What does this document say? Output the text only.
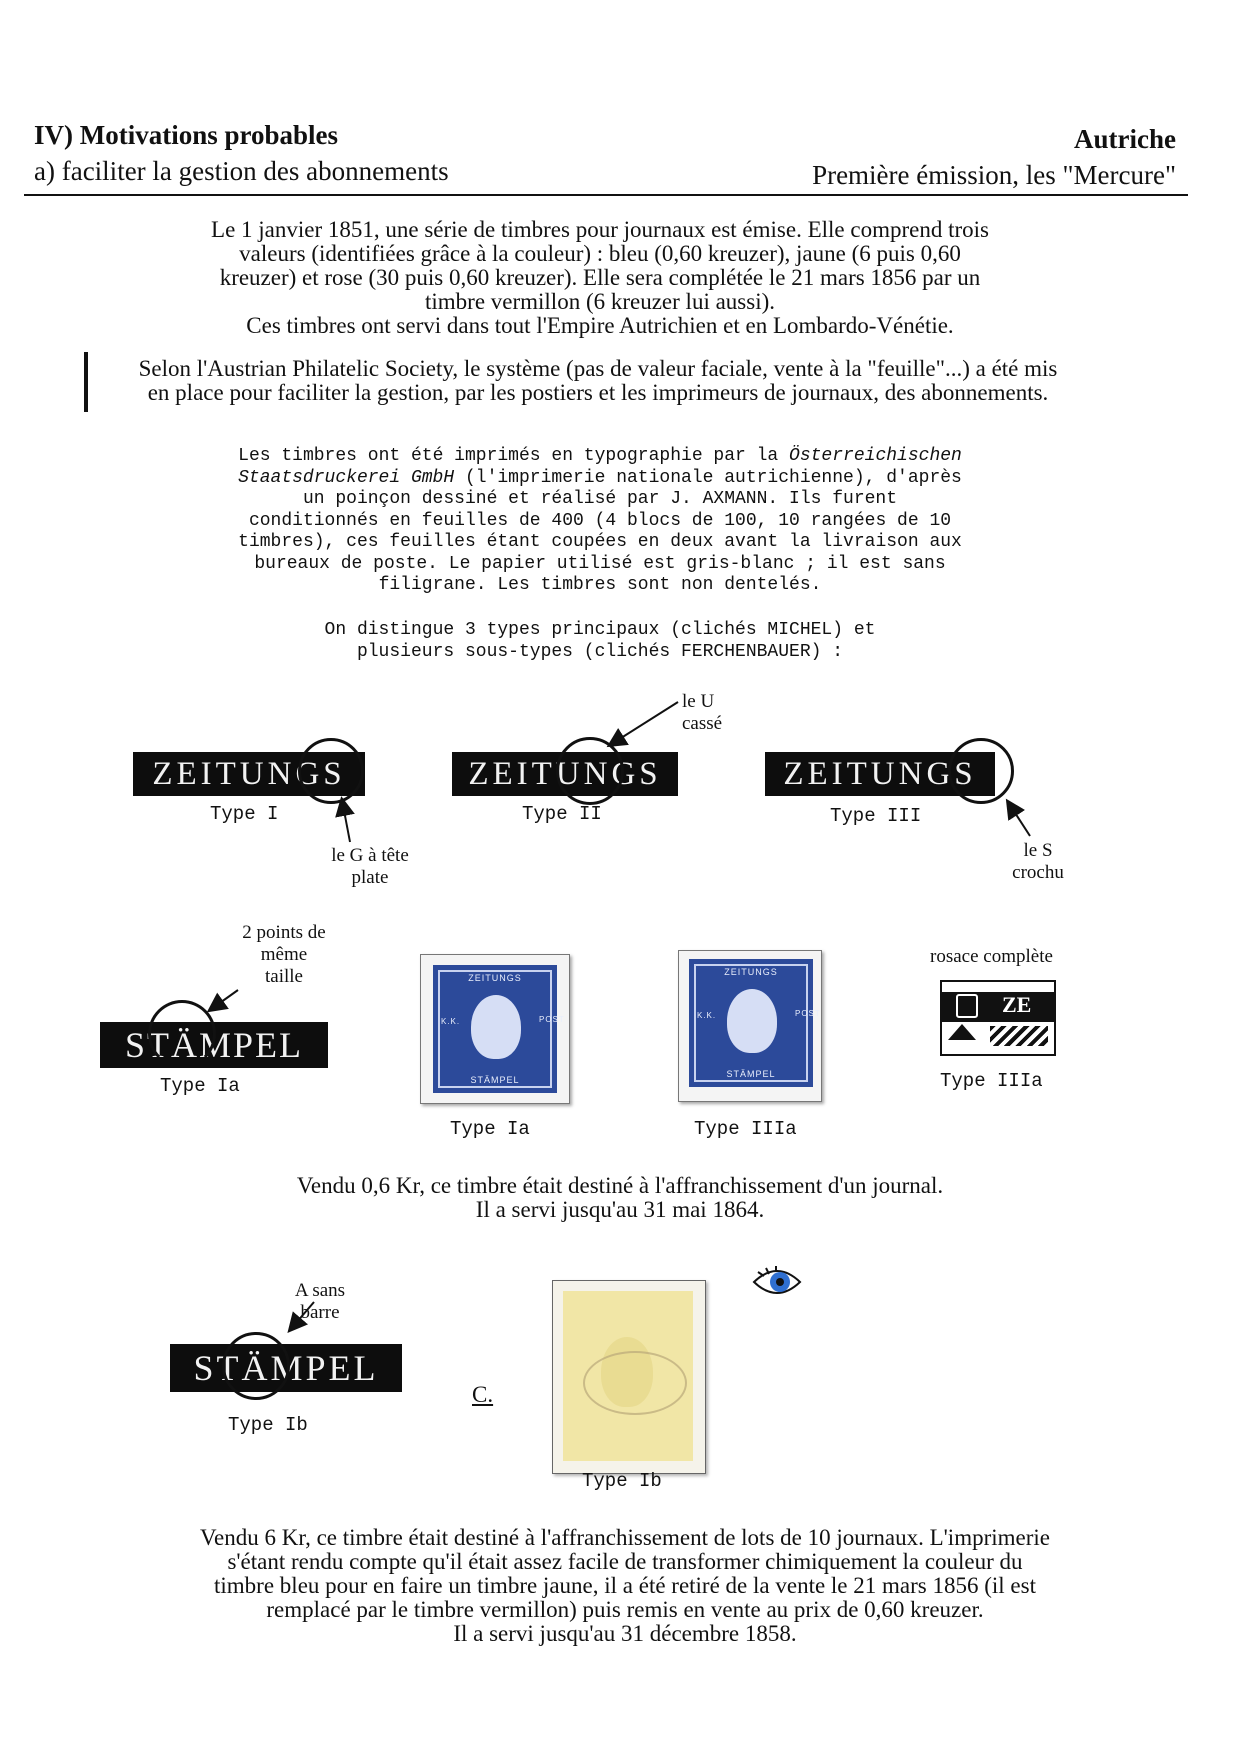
IV) Motivations probables
a) faciliter la gestion des abonnements
Autriche
Première émission, les "Mercure"
Le 1 janvier 1851, une série de timbres pour journaux est émise. Elle comprend trois
valeurs (identifiées grâce à la couleur) : bleu (0,60 kreuzer), jaune (6 puis 0,60
kreuzer) et rose (30 puis 0,60 kreuzer). Elle sera complétée le 21 mars 1856 par un
timbre vermillon (6 kreuzer lui aussi).
Ces timbres ont servi dans tout l'Empire Autrichien et en Lombardo-Vénétie.
Selon l'Austrian Philatelic Society, le système (pas de valeur faciale, vente à la "feuille"...) a été mis
en place pour faciliter la gestion, par les postiers et les imprimeurs de journaux, des abonnements.
Les timbres ont été imprimés en typographie par la Österreichischen
Staatsdruckerei GmbH (l'imprimerie nationale autrichienne), d'après
un poinçon dessiné et réalisé par J. AXMANN. Ils furent
conditionnés en feuilles de 400 (4 blocs de 100, 10 rangées de 10
timbres), ces feuilles étant coupées en deux avant la livraison aux
bureaux de poste. Le papier utilisé est gris-blanc ; il est sans
filigrane. Les timbres sont non dentelés.
On distingue 3 types principaux (clichés MICHEL) et
plusieurs sous-types (clichés FERCHENBAUER) :
ZEITUNGS
Type I
le G à tête
plate
ZEITUNGS
Type II
le U
cassé
ZEITUNGS
Type III
le S
crochu
2 points de
même
taille
STÄMPEL
Type Ia
ZEITUNGS
K.K.	POST
STÄMPEL
Type Ia
ZEITUNGS
K.K.	POST
STÄMPEL
Type IIIa
rosace complète
ZE
Type IIIa
Vendu 0,6 Kr, ce timbre était destiné à l'affranchissement d'un journal.
Il a servi jusqu'au 31 mai 1864.
A sans
barre
STÄMPEL
Type Ib
C.
Type Ib
Vendu 6 Kr, ce timbre était destiné à l'affranchissement de lots de 10 journaux. L'imprimerie
s'étant rendu compte qu'il était assez facile de transformer chimiquement la couleur du
timbre bleu pour en faire un timbre jaune, il a été retiré de la vente le 21 mars 1856 (il est
remplacé par le timbre vermillon) puis remis en vente au prix de 0,60 kreuzer.
Il a servi jusqu'au 31 décembre 1858.
